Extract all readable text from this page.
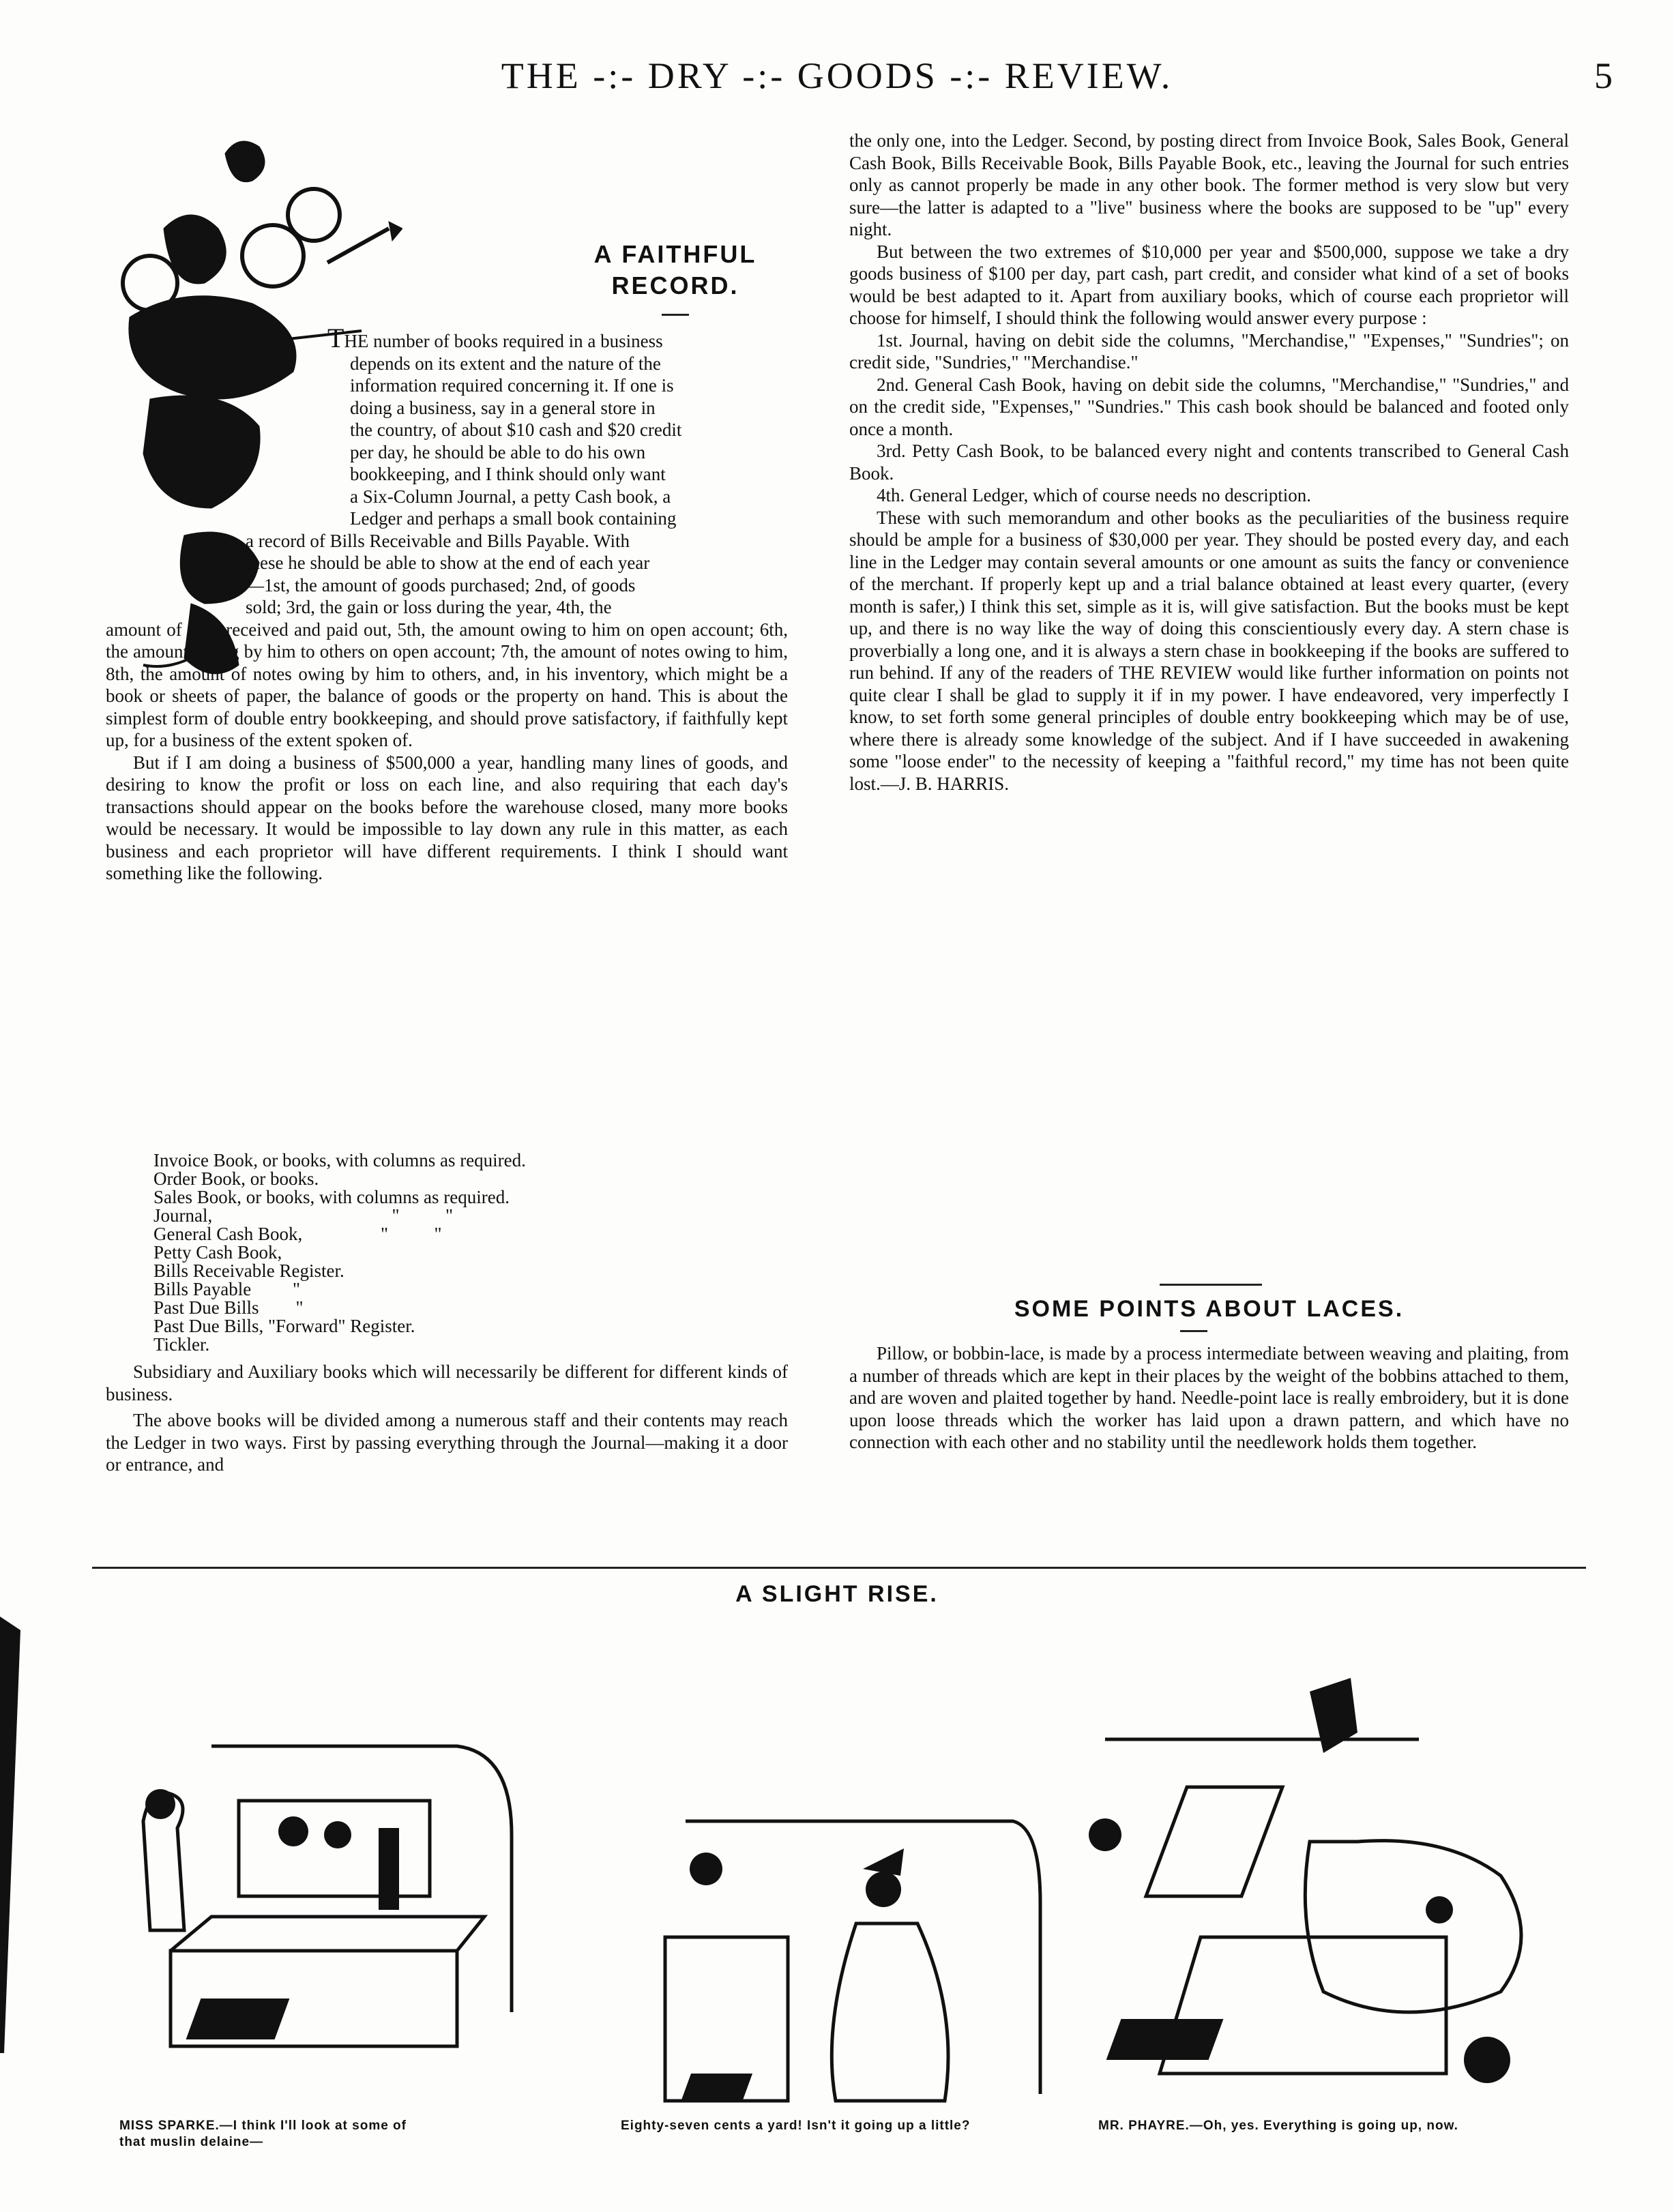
THE -:- DRY -:- GOODS -:- REVIEW.	5
A FAITHFUL
RECORD.
THE number of books required in a business
depends on its extent and the nature of the
information required concerning it. If one is
doing a business, say in a general store in
the country, of about $10 cash and $20 credit
per day, he should be able to do his own
bookkeeping, and I think should only want
a Six-Column Journal, a petty Cash book, a
Ledger and perhaps a small book containing
a record of Bills Receivable and Bills Payable. With
these he should be able to show at the end of each year
—1st, the amount of goods purchased; 2nd, of goods
sold; 3rd, the gain or loss during the year, 4th, the

amount of cash received and paid out, 5th, the amount owing to him on open account; 6th, the amount owing by him to others on open account; 7th, the amount of notes owing to him, 8th, the amount of notes owing by him to others, and, in his inventory, which might be a book or sheets of paper, the balance of goods or the property on hand. This is about the simplest form of double entry bookkeeping, and should prove satisfactory, if faithfully kept up, for a business of the extent spoken of.

But if I am doing a business of $500,000 a year, handling many lines of goods, and desiring to know the profit or loss on each line, and also requiring that each day's transactions should appear on the books before the warehouse closed, many more books would be necessary. It would be impossible to lay down any rule in this matter, as each business and each proprietor will have different requirements. I think I should want something like the following.

Invoice Book, or books, with columns as required.
Order Book, or books.
Sales Book, or books, with columns as required.
Journal,                                       "          "
General Cash Book,                 "          "
Petty Cash Book,
Bills Receivable Register.
Bills Payable         "
Past Due Bills        "
Past Due Bills, "Forward" Register.
Tickler.

Subsidiary and Auxiliary books which will necessarily be different for different kinds of business.

The above books will be divided among a numerous staff and their contents may reach the Ledger in two ways. First by passing everything through the Journal—making it a door or entrance, and

the only one, into the Ledger. Second, by posting direct from Invoice Book, Sales Book, General Cash Book, Bills Receivable Book, Bills Payable Book, etc., leaving the Journal for such entries only as cannot properly be made in any other book. The former method is very slow but very sure—the latter is adapted to a "live" business where the books are supposed to be "up" every night.

But between the two extremes of $10,000 per year and $500,000, suppose we take a dry goods business of $100 per day, part cash, part credit, and consider what kind of a set of books would be best adapted to it. Apart from auxiliary books, which of course each proprietor will choose for himself, I should think the following would answer every purpose :

1st. Journal, having on debit side the columns, "Merchandise," "Expenses," "Sundries"; on credit side, "Sundries," "Merchandise."

2nd. General Cash Book, having on debit side the columns, "Merchandise," "Sundries," and on the credit side, "Expenses," "Sundries." This cash book should be balanced and footed only once a month.

3rd. Petty Cash Book, to be balanced every night and contents transcribed to General Cash Book.

4th. General Ledger, which of course needs no description.

These with such memorandum and other books as the peculiarities of the business require should be ample for a business of $30,000 per year. They should be posted every day, and each line in the Ledger may contain several amounts or one amount as suits the fancy or convenience of the merchant. If properly kept up and a trial balance obtained at least every quarter, (every month is safer,) I think this set, simple as it is, will give satisfaction. But the books must be kept up, and there is no way like the way of doing this conscientiously every day. A stern chase is proverbially a long one, and it is always a stern chase in bookkeeping if the books are suffered to run behind. If any of the readers of THE REVIEW would like further information on points not quite clear I shall be glad to supply it if in my power. I have endeavored, very imperfectly I know, to set forth some general principles of double entry bookkeeping which may be of use, where there is already some knowledge of the subject. And if I have succeeded in awakening some "loose ender" to the necessity of keeping a "faithful record," my time has not been quite lost.—J. B. HARRIS.

SOME POINTS ABOUT LACES.

Pillow, or bobbin-lace, is made by a process intermediate between weaving and plaiting, from a number of threads which are kept in their places by the weight of the bobbins attached to them, and are woven and plaited together by hand. Needle-point lace is really embroidery, but it is done upon loose threads which the worker has laid upon a drawn pattern, and which have no connection with each other and no stability until the needlework holds them together.

A SLIGHT RISE.
MISS SPARKE.—I think I'll look at some of that muslin delaine—
Eighty-seven cents a yard! Isn't it going up a little?	MR. PHAYRE.—Oh, yes. Everything is going up, now.
